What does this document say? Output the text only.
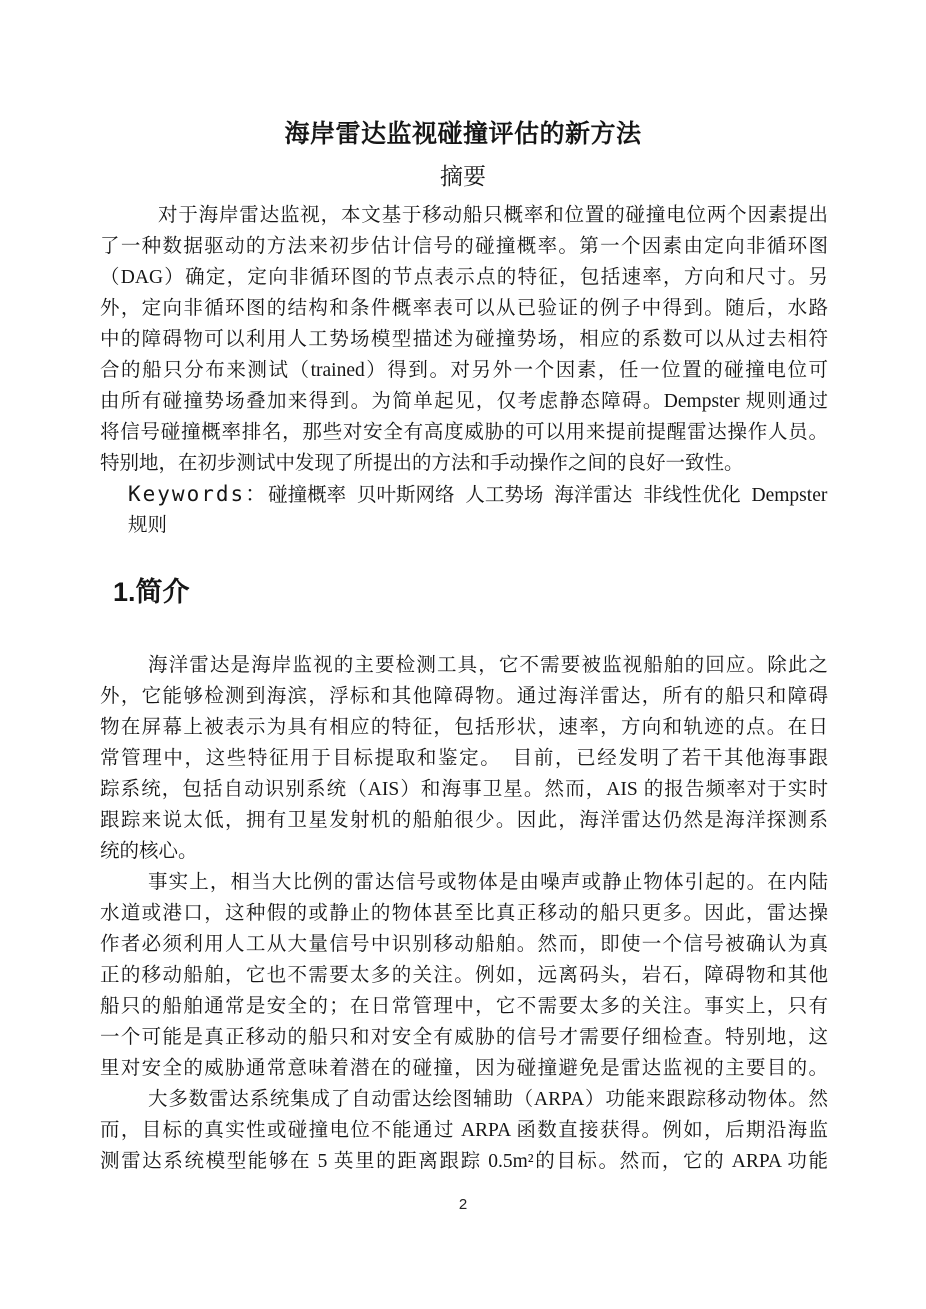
海岸雷达监视碰撞评估的新方法
摘要
对于海岸雷达监视，本文基于移动船只概率和位置的碰撞电位两个因素提出
了一种数据驱动的方法来初步估计信号的碰撞概率。第一个因素由定向非循环图
（DAG）确定，定向非循环图的节点表示点的特征，包括速率，方向和尺寸。另
外，定向非循环图的结构和条件概率表可以从已验证的例子中得到。随后，水路
中的障碍物可以利用人工势场模型描述为碰撞势场，相应的系数可以从过去相符
合的船只分布来测试（trained）得到。对另外一个因素，任一位置的碰撞电位可
由所有碰撞势场叠加来得到。为简单起见，仅考虑静态障碍。Dempster 规则通过
将信号碰撞概率排名，那些对安全有高度威胁的可以用来提前提醒雷达操作人员。
特别地，在初步测试中发现了所提出的方法和手动操作之间的良好一致性。
Keywords：碰撞概率 贝叶斯网络 人工势场 海洋雷达 非线性优化 Dempster
规则
1.简介
海洋雷达是海岸监视的主要检测工具，它不需要被监视船舶的回应。除此之
外，它能够检测到海滨，浮标和其他障碍物。通过海洋雷达，所有的船只和障碍
物在屏幕上被表示为具有相应的特征，包括形状，速率，方向和轨迹的点。在日
常管理中，这些特征用于目标提取和鉴定。　目前，已经发明了若干其他海事跟
踪系统，包括自动识别系统（AIS）和海事卫星。然而，AIS 的报告频率对于实时
跟踪来说太低，拥有卫星发射机的船舶很少。因此，海洋雷达仍然是海洋探测系
统的核心。
事实上，相当大比例的雷达信号或物体是由噪声或静止物体引起的。在内陆
水道或港口，这种假的或静止的物体甚至比真正移动的船只更多。因此，雷达操
作者必须利用人工从大量信号中识别移动船舶。然而，即使一个信号被确认为真
正的移动船舶，它也不需要太多的关注。例如，远离码头，岩石，障碍物和其他
船只的船舶通常是安全的；在日常管理中，它不需要太多的关注。事实上，只有
一个可能是真正移动的船只和对安全有威胁的信号才需要仔细检查。特别地，这
里对安全的威胁通常意味着潜在的碰撞，因为碰撞避免是雷达监视的主要目的。
大多数雷达系统集成了自动雷达绘图辅助（ARPA）功能来跟踪移动物体。然
而，目标的真实性或碰撞电位不能通过 ARPA 函数直接获得。例如，后期沿海监
测雷达系统模型能够在 5 英里的距离跟踪 0.5m²的目标。然而，它的 ARPA 功能
2
